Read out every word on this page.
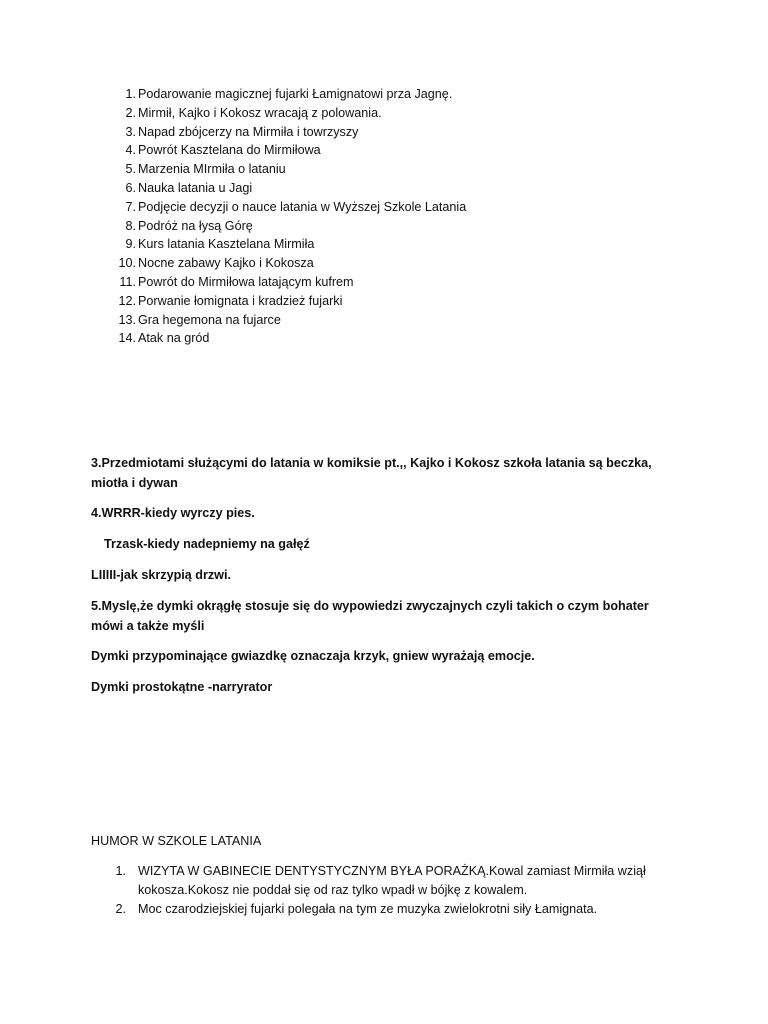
1. Podarowanie magicznej fujarki Łamignatowi prza Jagnę.
2. Mirmił, Kajko i Kokosz wracają z polowania.
3. Napad zbójcerzy na Mirmiła i towrzyszy
4. Powrót Kasztelana do Mirmiłowa
5. Marzenia MIrmiła o lataniu
6. Nauka latania u Jagi
7. Podjęcie decyzji o nauce latania w Wyższej Szkole Latania
8. Podróż na łysą Górę
9. Kurs latania Kasztelana Mirmiła
10. Nocne zabawy Kajko i Kokosza
11. Powrót do Mirmiłowa latającym kufrem
12. Porwanie łomignata i kradzież fujarki
13. Gra hegemona na fujarce
14. Atak na gród

3.Przedmiotami służącymi do latania w komiksie pt.,, Kajko i Kokosz szkoła latania są beczka, miotła i dywan

4.WRRR-kiedy wyrczy pies.

Trzask-kiedy nadepniemy na gałęź

LIIIII-jak skrzypią drzwi.

5.Myslę,że dymki okrągłę stosuje się do wypowiedzi zwyczajnych czyli takich o czym bohater mówi a także myśli

Dymki przypominające gwiazdkę oznaczaja krzyk, gniew wyrażają emocje.

Dymki prostokątne -narryrator

HUMOR W SZKOLE LATANIA

1. WIZYTA W GABINECIE DENTYSTYCZNYM BYŁA PORAŻKĄ.Kowal zamiast Mirmiła wziął kokosza.Kokosz nie poddał się od raz tylko wpadł w bójkę z kowalem.
2. Moc czarodziejskiej fujarki polegała na tym ze muzyka zwielokrotni siły Łamignata.
